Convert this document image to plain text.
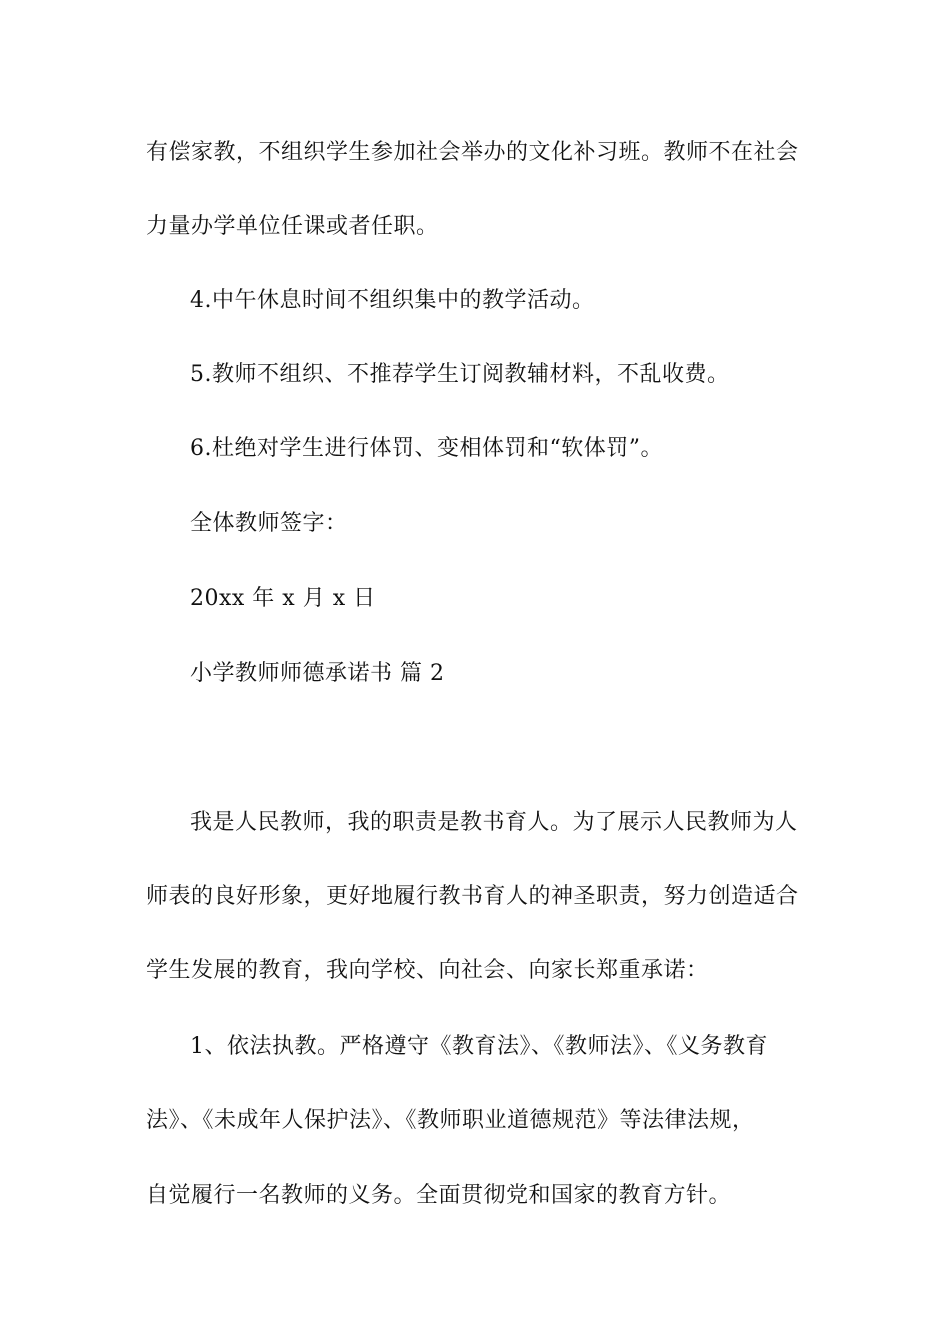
有偿家教，不组织学生参加社会举办的文化补习班。教师不在社会
力量办学单位任课或者任职。
4.中午休息时间不组织集中的教学活动。
5.教师不组织、不推荐学生订阅教辅材料，不乱收费。
6.杜绝对学生进行体罚、变相体罚和“软体罚”。
全体教师签字：
20xx 年 x 月 x 日
小学教师师德承诺书 篇 2
我是人民教师，我的职责是教书育人。为了展示人民教师为人
师表的良好形象，更好地履行教书育人的神圣职责，努力创造适合
学生发展的教育，我向学校、向社会、向家长郑重承诺：
1、依法执教。严格遵守《教育法》、《教师法》、《义务教育
法》、《未成年人保护法》、《教师职业道德规范》等法律法规，
自觉履行一名教师的义务。全面贯彻党和国家的教育方针。
